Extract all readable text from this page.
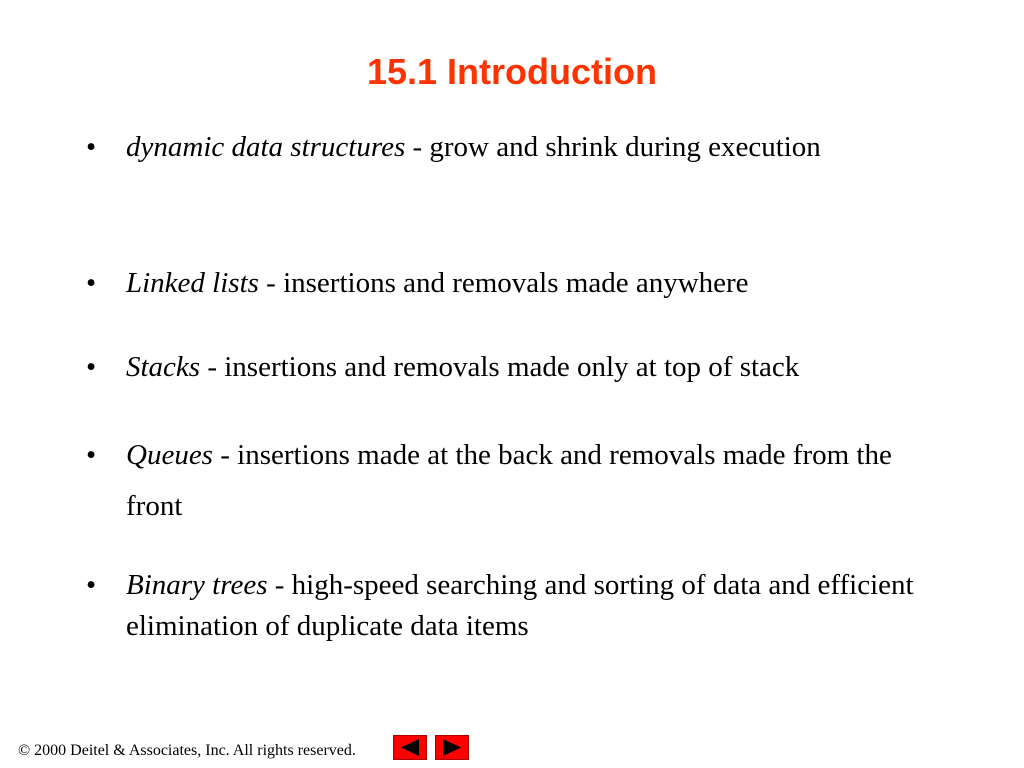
15.1 Introduction
•	dynamic data structures - grow and shrink during execution
•	Linked lists - insertions and removals made anywhere
•	Stacks - insertions and removals made only at top of stack
•	Queues - insertions made at the back and removals made from the front
•	Binary trees - high-speed searching and sorting of data and efficient elimination of duplicate data items
© 2000 Deitel & Associates, Inc. All rights reserved.
